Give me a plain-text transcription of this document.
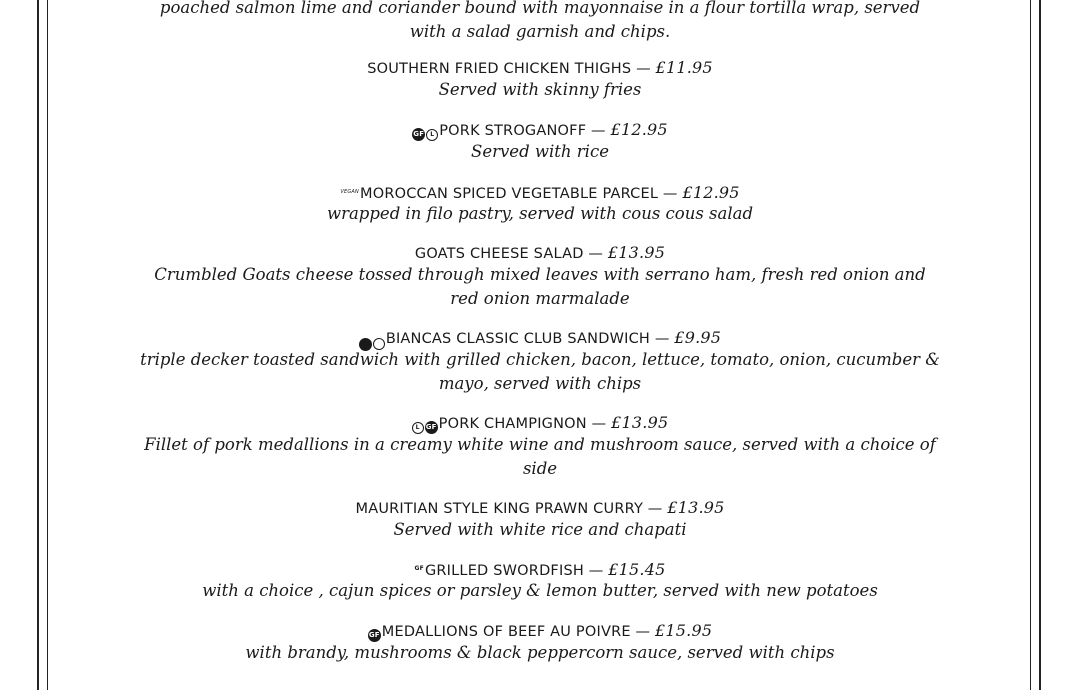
poached salmon lime and coriander bound with mayonnaise in a flour tortilla wrap, served
with a salad garnish and chips.
SOUTHERN FRIED CHICKEN THIGHS — £11.95
Served with skinny fries
GF L PORK STROGANOFF — £12.95
Served with rice
VEGANMOROCCAN SPICED VEGETABLE PARCEL — £12.95
wrapped in filo pastry, served with cous cous salad
GOATS CHEESE SALAD — £13.95
Crumbled Goats cheese tossed through mixed leaves with serrano ham, fresh red onion and
red onion marmalade
BIANCAS CLASSIC CLUB SANDWICH — £9.95
triple decker toasted sandwich with grilled chicken, bacon, lettuce, tomato, onion, cucumber &
mayo, served with chips
L GF PORK CHAMPIGNON — £13.95
Fillet of pork medallions in a creamy white wine and mushroom sauce, served with a choice of
side
MAURITIAN STYLE KING PRAWN CURRY — £13.95
Served with white rice and chapati
GFGRILLED SWORDFISH — £15.45
with a choice , cajun spices or parsley & lemon butter, served with new potatoes
GF MEDALLIONS OF BEEF AU POIVRE — £15.95
with brandy, mushrooms & black peppercorn sauce, served with chips
